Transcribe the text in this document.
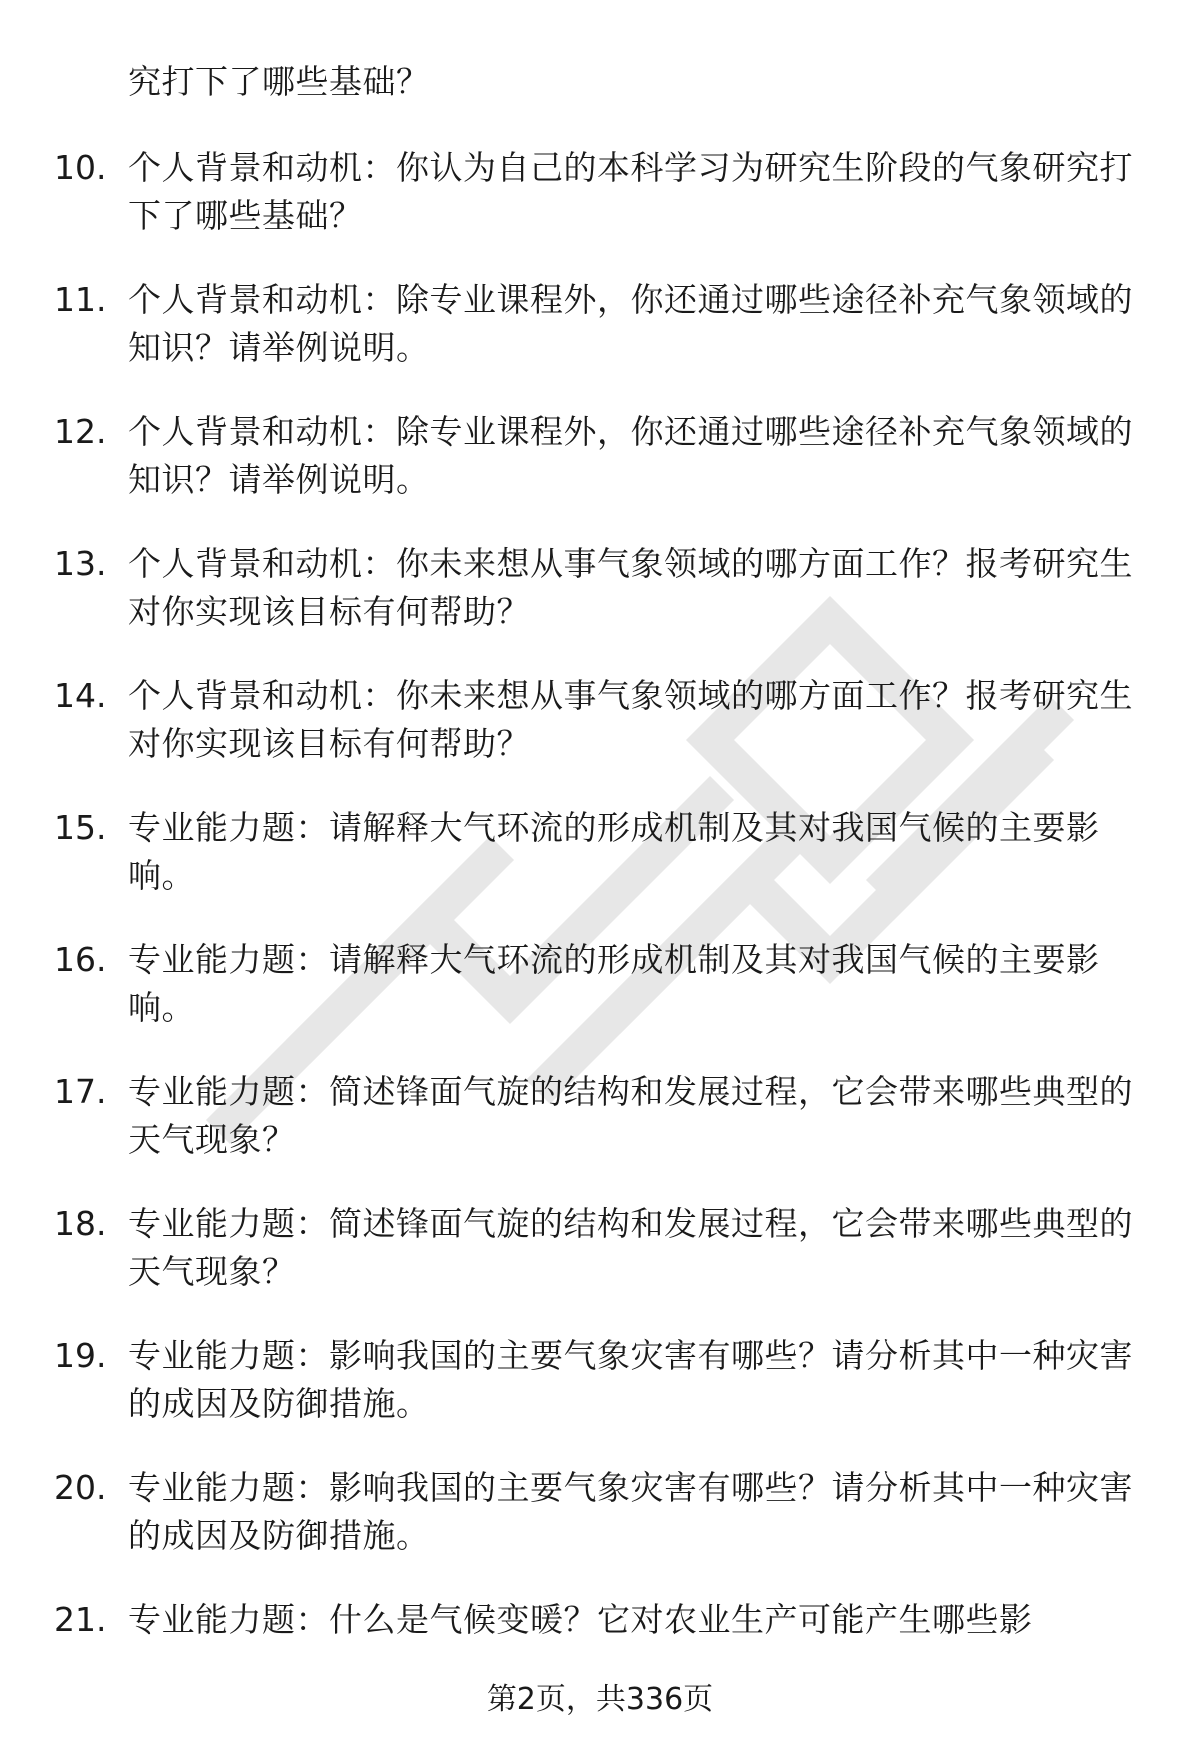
究打下了哪些基础？
10. 个人背景和动机：你认为自己的本科学习为研究生阶段的气象研究打下了哪些基础？
11. 个人背景和动机：除专业课程外，你还通过哪些途径补充气象领域的知识？请举例说明。
12. 个人背景和动机：除专业课程外，你还通过哪些途径补充气象领域的知识？请举例说明。
13. 个人背景和动机：你未来想从事气象领域的哪方面工作？报考研究生对你实现该目标有何帮助？
14. 个人背景和动机：你未来想从事气象领域的哪方面工作？报考研究生对你实现该目标有何帮助？
15. 专业能力题：请解释大气环流的形成机制及其对我国气候的主要影响。
16. 专业能力题：请解释大气环流的形成机制及其对我国气候的主要影响。
17. 专业能力题：简述锋面气旋的结构和发展过程，它会带来哪些典型的天气现象？
18. 专业能力题：简述锋面气旋的结构和发展过程，它会带来哪些典型的天气现象？
19. 专业能力题：影响我国的主要气象灾害有哪些？请分析其中一种灾害的成因及防御措施。
20. 专业能力题：影响我国的主要气象灾害有哪些？请分析其中一种灾害的成因及防御措施。
21. 专业能力题：什么是气候变暖？它对农业生产可能产生哪些影
第2页，共336页
